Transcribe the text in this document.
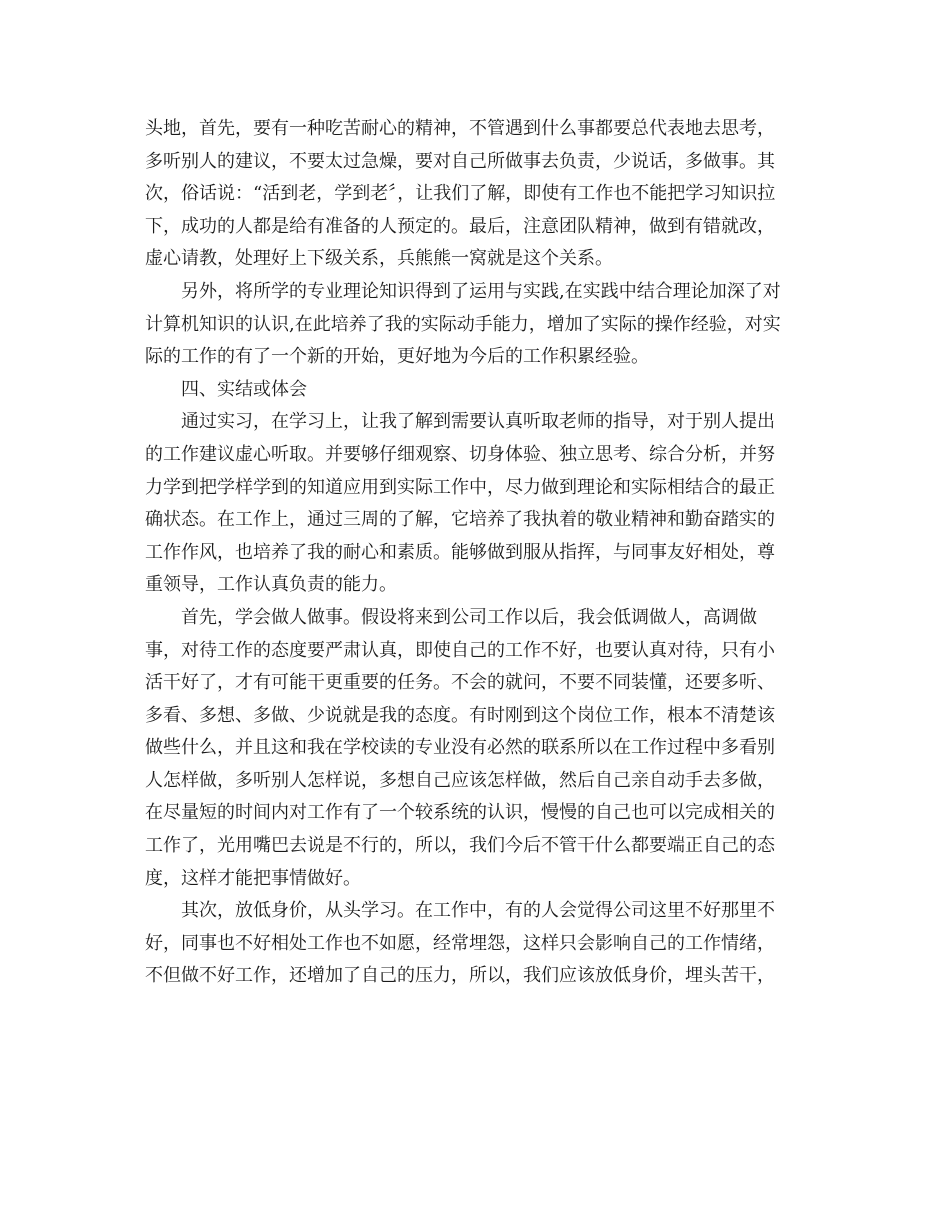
头地，首先，要有一种吃苦耐心的精神，不管遇到什么事都要总代表地去思考，
多听别人的建议，不要太过急燥，要对自己所做事去负责，少说话，多做事。其
次，俗话说：“活到老，学到老〞，让我们了解，即使有工作也不能把学习知识拉
下，成功的人都是给有准备的人预定的。最后，注意团队精神，做到有错就改，
虚心请教，处理好上下级关系，兵熊熊一窝就是这个关系。
另外，将所学的专业理论知识得到了运用与实践,在实践中结合理论加深了对
计算机知识的认识,在此培养了我的实际动手能力，增加了实际的操作经验，对实
际的工作的有了一个新的开始，更好地为今后的工作积累经验。
四、实结或体会
通过实习，在学习上，让我了解到需要认真听取老师的指导，对于别人提出
的工作建议虚心听取。并要够仔细观察、切身体验、独立思考、综合分析，并努
力学到把学样学到的知道应用到实际工作中，尽力做到理论和实际相结合的最正
确状态。在工作上，通过三周的了解，它培养了我执着的敬业精神和勤奋踏实的
工作作风，也培养了我的耐心和素质。能够做到服从指挥，与同事友好相处，尊
重领导，工作认真负责的能力。
首先，学会做人做事。假设将来到公司工作以后，我会低调做人，高调做
事，对待工作的态度要严肃认真，即使自己的工作不好，也要认真对待，只有小
活干好了，才有可能干更重要的任务。不会的就问，不要不同装懂，还要多听、
多看、多想、多做、少说就是我的态度。有时刚到这个岗位工作，根本不清楚该
做些什么，并且这和我在学校读的专业没有必然的联系所以在工作过程中多看别
人怎样做，多听别人怎样说，多想自己应该怎样做，然后自己亲自动手去多做，
在尽量短的时间内对工作有了一个较系统的认识，慢慢的自己也可以完成相关的
工作了，光用嘴巴去说是不行的，所以，我们今后不管干什么都要端正自己的态
度，这样才能把事情做好。
其次，放低身价，从头学习。在工作中，有的人会觉得公司这里不好那里不
好，同事也不好相处工作也不如愿，经常埋怨，这样只会影响自己的工作情绪，
不但做不好工作，还增加了自己的压力，所以，我们应该放低身价，埋头苦干，
